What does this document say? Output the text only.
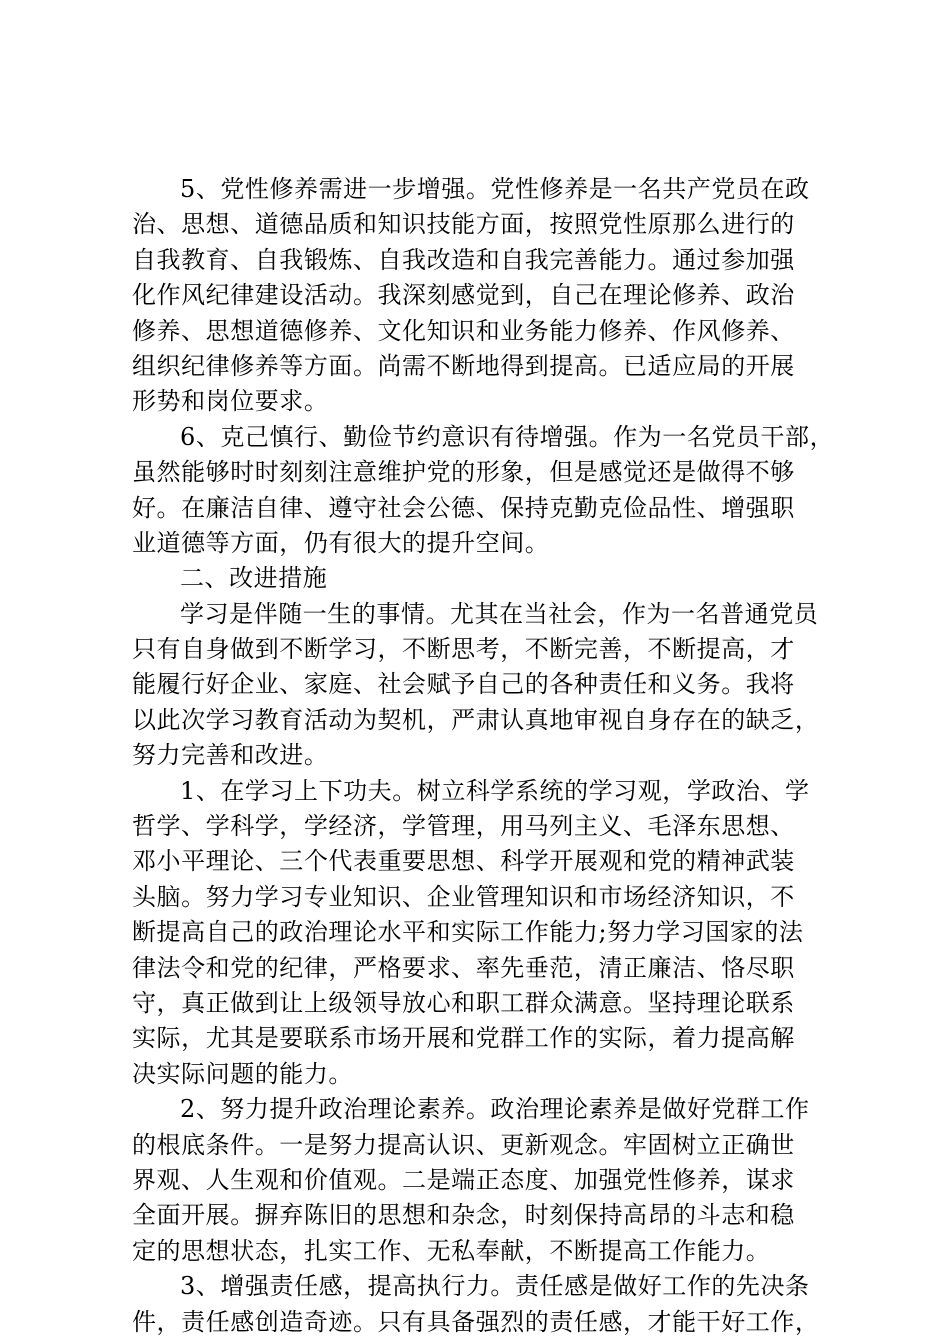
5、党性修养需进一步增强。党性修养是一名共产党员在政
治、思想、道德品质和知识技能方面，按照党性原那么进行的
自我教育、自我锻炼、自我改造和自我完善能力。通过参加强
化作风纪律建设活动。我深刻感觉到，自己在理论修养、政治
修养、思想道德修养、文化知识和业务能力修养、作风修养、
组织纪律修养等方面。尚需不断地得到提高。已适应局的开展
形势和岗位要求。
6、克己慎行、勤俭节约意识有待增强。作为一名党员干部，
虽然能够时时刻刻注意维护党的形象，但是感觉还是做得不够
好。在廉洁自律、遵守社会公德、保持克勤克俭品性、增强职
业道德等方面，仍有很大的提升空间。
二、改进措施
学习是伴随一生的事情。尤其在当社会，作为一名普通党员
只有自身做到不断学习，不断思考，不断完善，不断提高，才
能履行好企业、家庭、社会赋予自己的各种责任和义务。我将
以此次学习教育活动为契机，严肃认真地审视自身存在的缺乏，
努力完善和改进。
1、在学习上下功夫。树立科学系统的学习观，学政治、学
哲学、学科学，学经济，学管理，用马列主义、毛泽东思想、
邓小平理论、三个代表重要思想、科学开展观和党的精神武装
头脑。努力学习专业知识、企业管理知识和市场经济知识，不
断提高自己的政治理论水平和实际工作能力;努力学习国家的法
律法令和党的纪律，严格要求、率先垂范，清正廉洁、恪尽职
守，真正做到让上级领导放心和职工群众满意。坚持理论联系
实际，尤其是要联系市场开展和党群工作的实际，着力提高解
决实际问题的能力。
2、努力提升政治理论素养。政治理论素养是做好党群工作
的根底条件。一是努力提高认识、更新观念。牢固树立正确世
界观、人生观和价值观。二是端正态度、加强党性修养，谋求
全面开展。摒弃陈旧的思想和杂念，时刻保持高昂的斗志和稳
定的思想状态，扎实工作、无私奉献，不断提高工作能力。
3、增强责任感，提高执行力。责任感是做好工作的先决条
件，责任感创造奇迹。只有具备强烈的责任感，才能干好工作，
